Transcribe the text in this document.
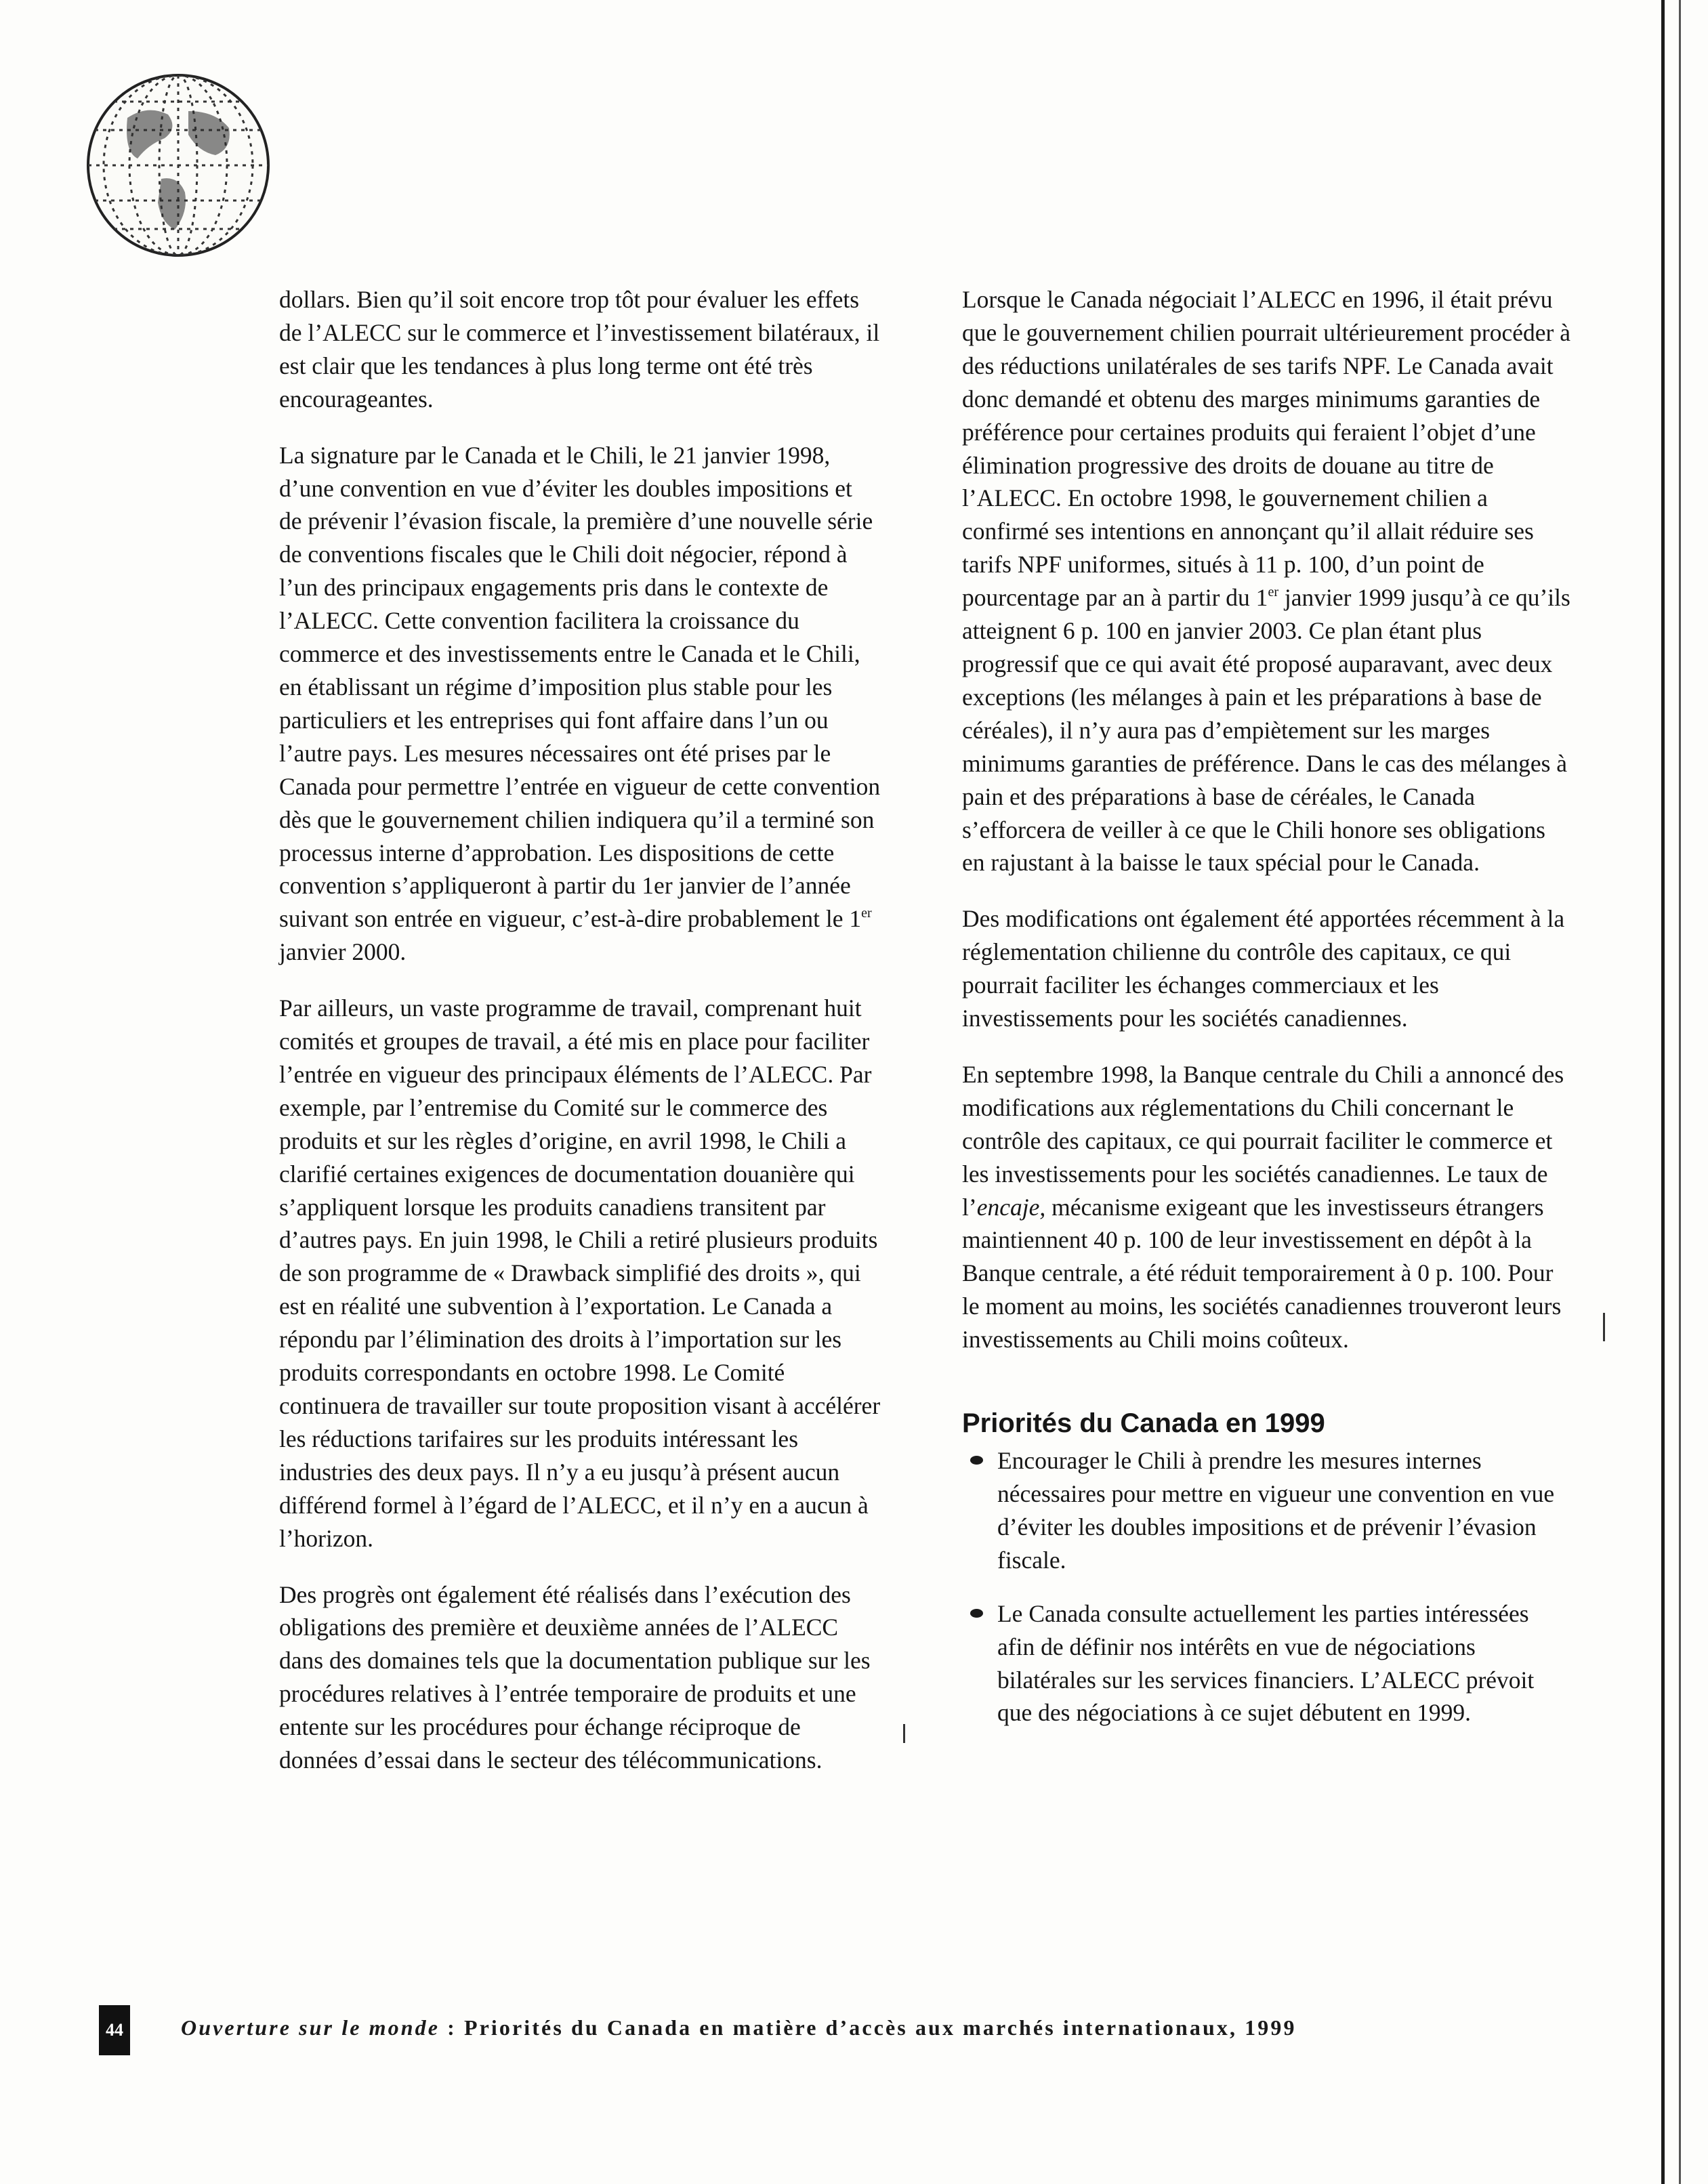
dollars. Bien qu’il soit encore trop tôt pour évaluer les effets de l’ALECC sur le commerce et l’investissement bilatéraux, il est clair que les tendances à plus long terme ont été très encourageantes.

La signature par le Canada et le Chili, le 21 janvier 1998, d’une convention en vue d’éviter les doubles impositions et de prévenir l’évasion fiscale, la première d’une nouvelle série de conventions fiscales que le Chili doit négocier, répond à l’un des principaux engagements pris dans le contexte de l’ALECC. Cette convention facilitera la croissance du commerce et des investissements entre le Canada et le Chili, en établissant un régime d’imposition plus stable pour les particuliers et les entreprises qui font affaire dans l’un ou l’autre pays. Les mesures nécessaires ont été prises par le Canada pour permettre l’entrée en vigueur de cette convention dès que le gouvernement chilien indiquera qu’il a terminé son processus interne d’approbation. Les dispositions de cette convention s’appliqueront à partir du 1er janvier de l’année suivant son entrée en vigueur, c’est-à-dire probablement le 1er janvier 2000.

Par ailleurs, un vaste programme de travail, comprenant huit comités et groupes de travail, a été mis en place pour faciliter l’entrée en vigueur des principaux éléments de l’ALECC. Par exemple, par l’entremise du Comité sur le commerce des produits et sur les règles d’origine, en avril 1998, le Chili a clarifié certaines exigences de documentation douanière qui s’appliquent lorsque les produits canadiens transitent par d’autres pays. En juin 1998, le Chili a retiré plusieurs produits de son programme de « Drawback simplifié des droits », qui est en réalité une subvention à l’exportation. Le Canada a répondu par l’élimination des droits à l’importation sur les produits correspondants en octobre 1998. Le Comité continuera de travailler sur toute proposition visant à accélérer les réductions tarifaires sur les produits intéressant les industries des deux pays. Il n’y a eu jusqu’à présent aucun différend formel à l’égard de l’ALECC, et il n’y en a aucun à l’horizon.

Des progrès ont également été réalisés dans l’exécution des obligations des première et deuxième années de l’ALECC dans des domaines tels que la documentation publique sur les procédures relatives à l’entrée temporaire de produits et une entente sur les procédures pour échange réciproque de données d’essai dans le secteur des télécommunications.

Lorsque le Canada négociait l’ALECC en 1996, il était prévu que le gouvernement chilien pourrait ultérieurement procéder à des réductions unilatérales de ses tarifs NPF. Le Canada avait donc demandé et obtenu des marges minimums garanties de préférence pour certaines produits qui feraient l’objet d’une élimination progressive des droits de douane au titre de l’ALECC. En octobre 1998, le gouvernement chilien a confirmé ses intentions en annonçant qu’il allait réduire ses tarifs NPF uniformes, situés à 11 p. 100, d’un point de pourcentage par an à partir du 1er janvier 1999 jusqu’à ce qu’ils atteignent 6 p. 100 en janvier 2003. Ce plan étant plus progressif que ce qui avait été proposé auparavant, avec deux exceptions (les mélanges à pain et les préparations à base de céréales), il n’y aura pas d’empiètement sur les marges minimums garanties de préférence. Dans le cas des mélanges à pain et des préparations à base de céréales, le Canada s’efforcera de veiller à ce que le Chili honore ses obligations en rajustant à la baisse le taux spécial pour le Canada.

Des modifications ont également été apportées récemment à la réglementation chilienne du contrôle des capitaux, ce qui pourrait faciliter les échanges commerciaux et les investissements pour les sociétés canadiennes.

En septembre 1998, la Banque centrale du Chili a annoncé des modifications aux réglementations du Chili concernant le contrôle des capitaux, ce qui pourrait faciliter le commerce et les investissements pour les sociétés canadiennes. Le taux de l’encaje, mécanisme exigeant que les investisseurs étrangers maintiennent 40 p. 100 de leur investissement en dépôt à la Banque centrale, a été réduit temporairement à 0 p. 100. Pour le moment au moins, les sociétés canadiennes trouveront leurs investissements au Chili moins coûteux.

Priorités du Canada en 1999
Encourager le Chili à prendre les mesures internes nécessaires pour mettre en vigueur une convention en vue d’éviter les doubles impositions et de prévenir l’évasion fiscale.
Le Canada consulte actuellement les parties intéressées afin de définir nos intérêts en vue de négociations bilatérales sur les services financiers. L’ALECC prévoit que des négociations à ce sujet débutent en 1999.
44	Ouverture sur le monde : Priorités du Canada en matière d’accès aux marchés internationaux, 1999
